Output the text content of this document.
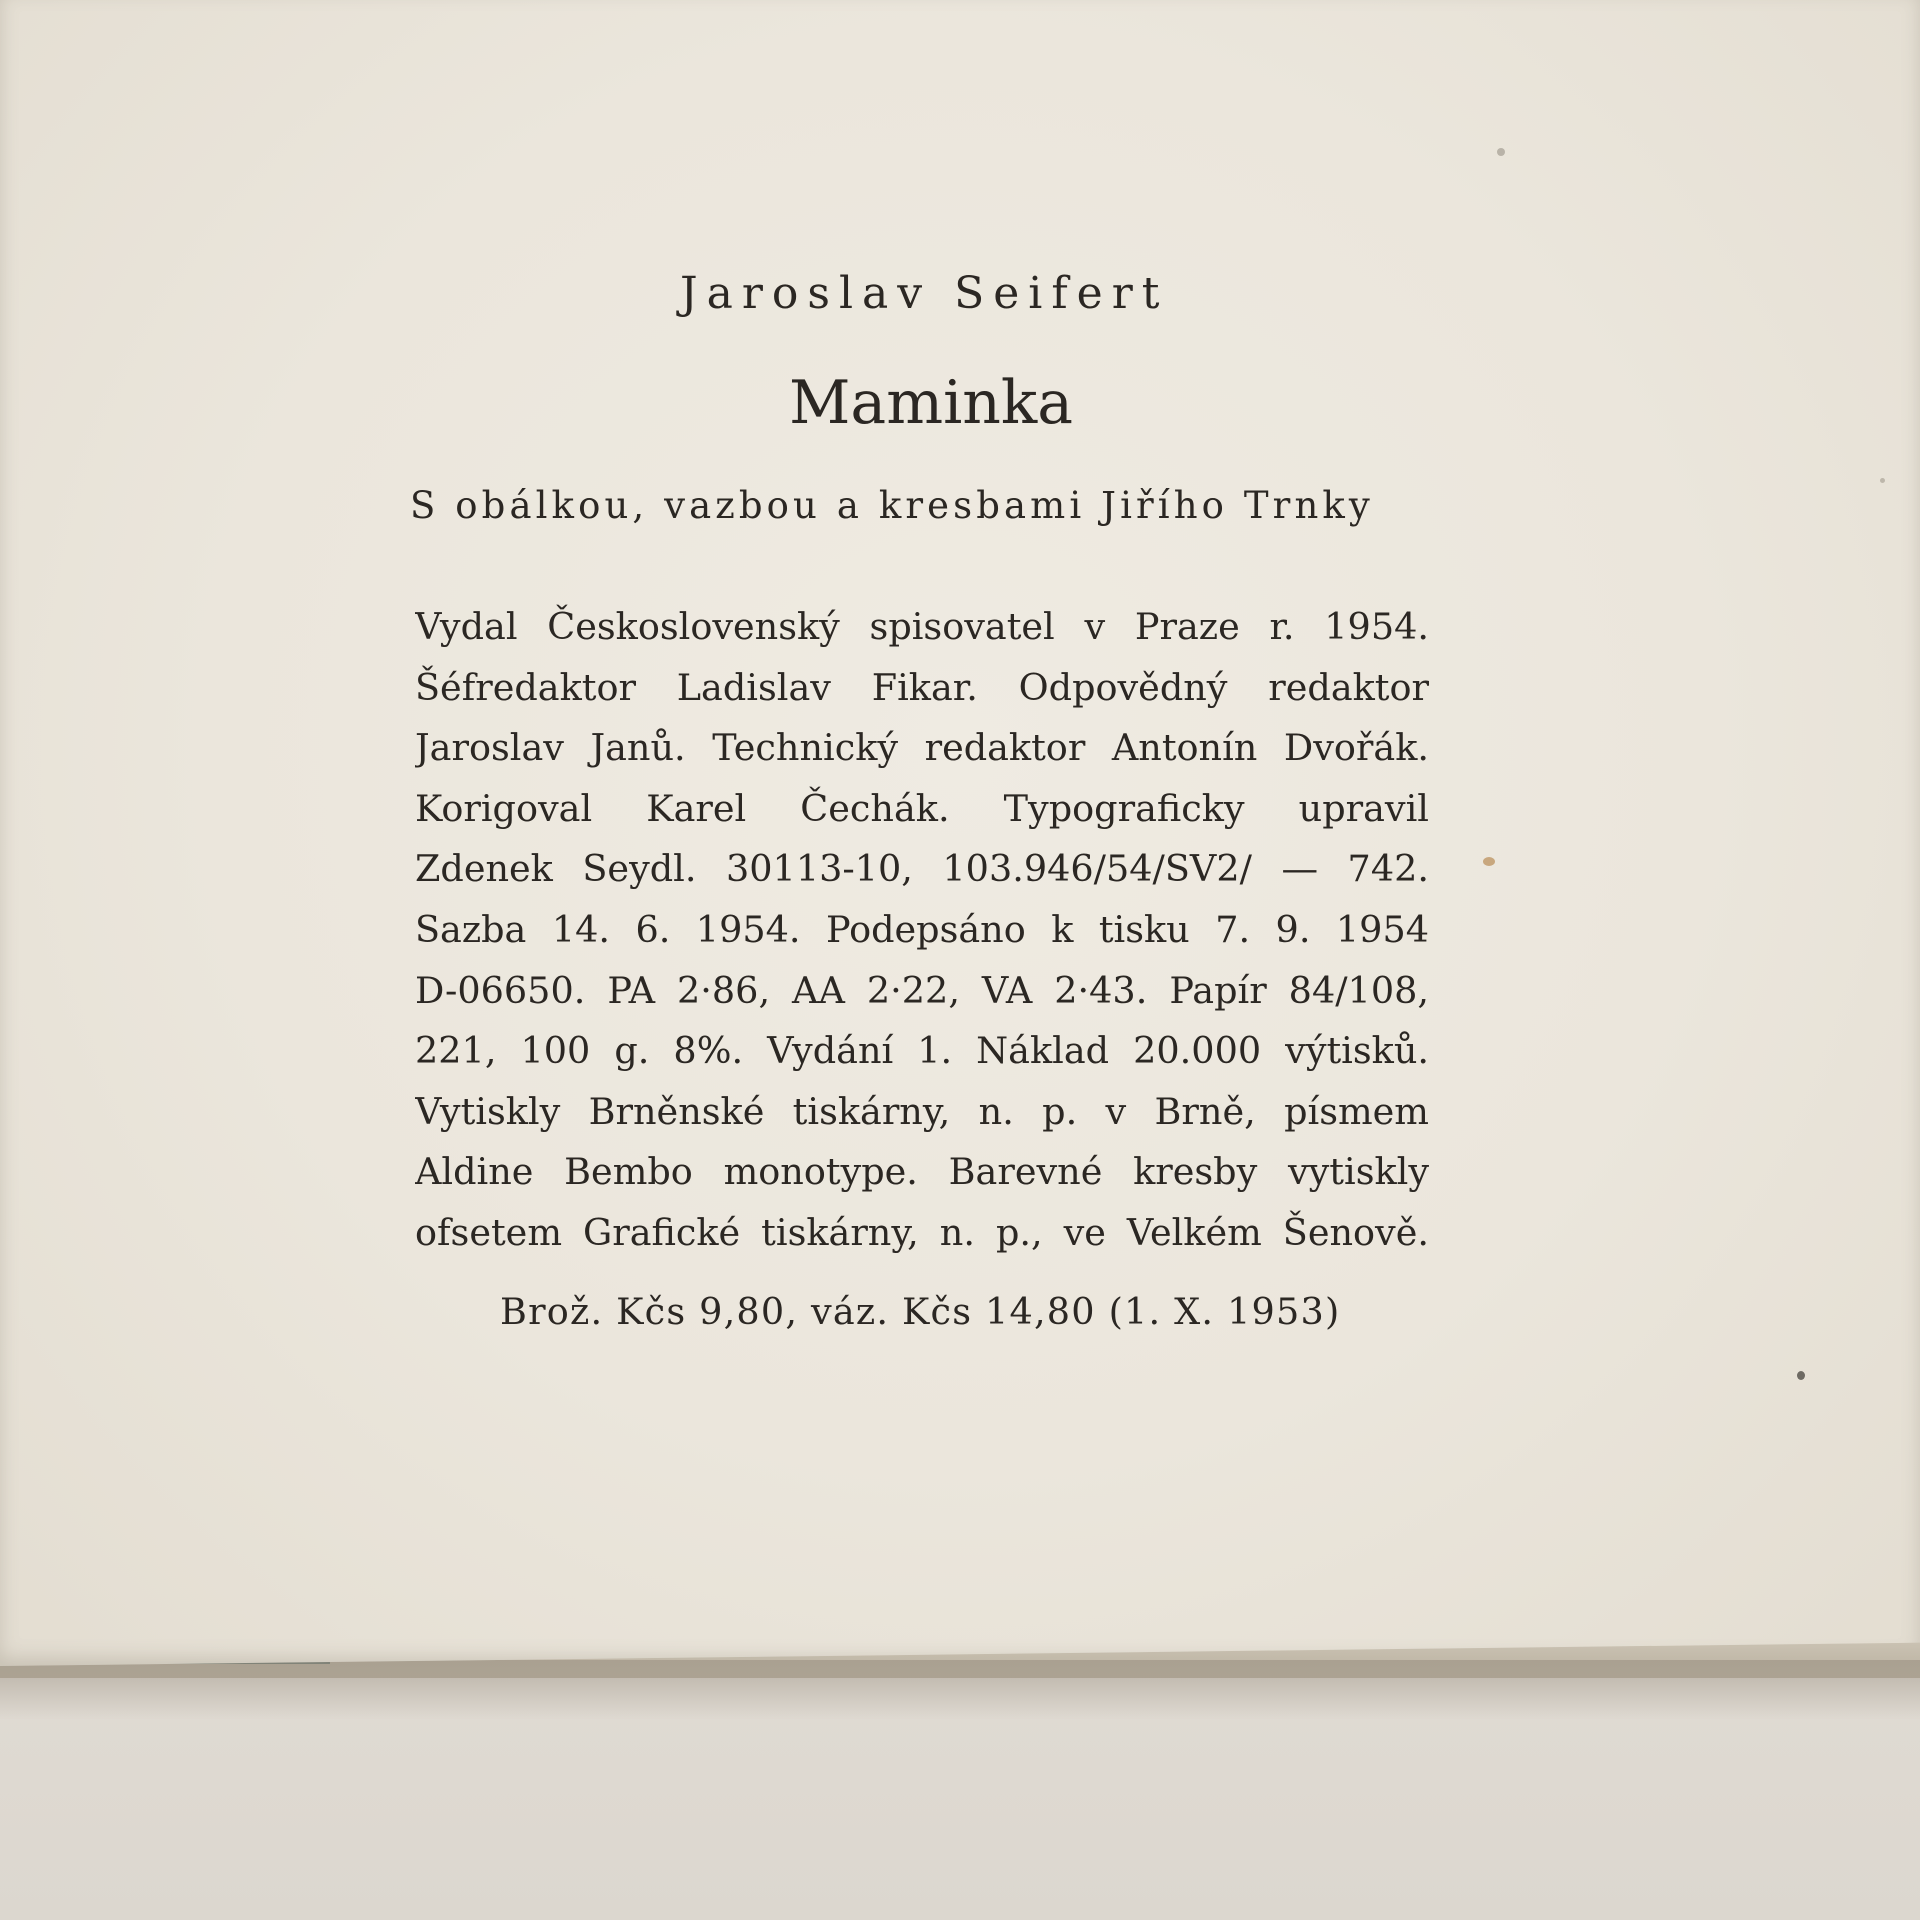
Jaroslav Seifert
Maminka
S obálkou, vazbou a kresbami Jiřího Trnky
Vydal Československý spisovatel v Praze r. 1954.
Šéfredaktor Ladislav Fikar. Odpovědný redaktor
Jaroslav Janů. Technický redaktor Antonín Dvořák.
Korigoval Karel Čechák. Typograficky upravil
Zdenek Seydl. 30113-10, 103.946/54/SV2/ — 742.
Sazba 14. 6. 1954. Podepsáno k tisku 7. 9. 1954
D-06650. PA 2·86, AA 2·22, VA 2·43. Papír 84/108,
221, 100 g. 8%. Vydání 1. Náklad 20.000 výtisků.
Vytiskly Brněnské tiskárny, n. p. v Brně, písmem
Aldine Bembo monotype. Barevné kresby vytiskly
ofsetem Grafické tiskárny, n. p., ve Velkém Šenově.
Brož. Kčs 9,80, váz. Kčs 14,80 (1. X. 1953)
